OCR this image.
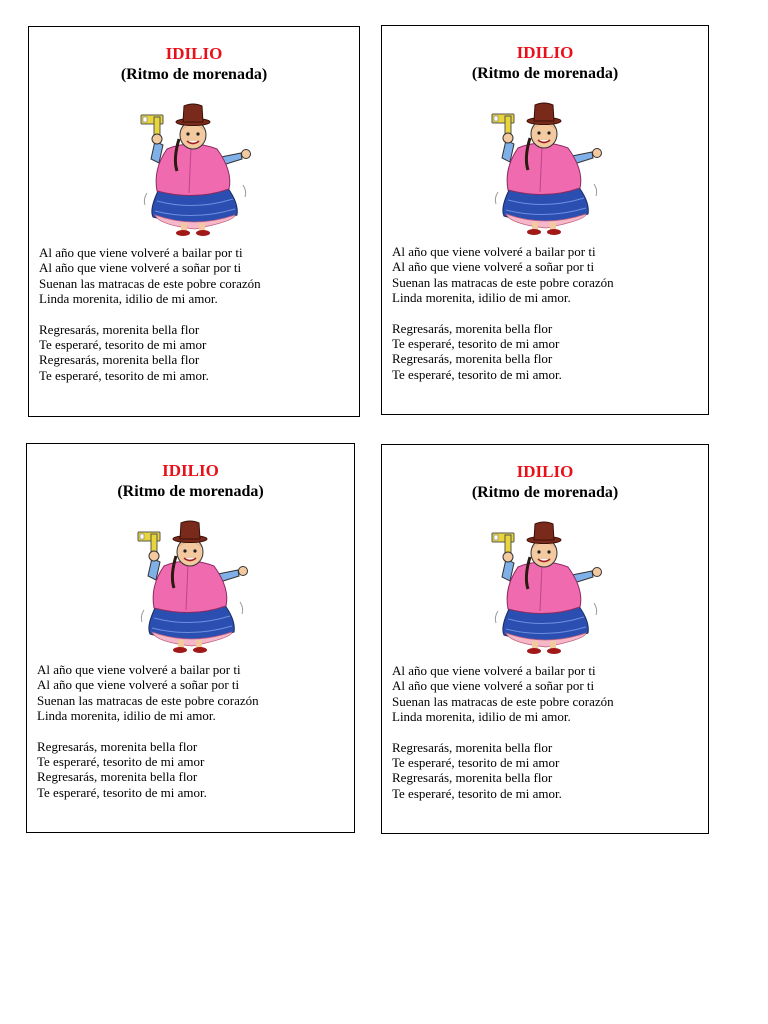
IDILIO
(Ritmo de morenada)
Al año que viene volveré a bailar por ti
Al año que viene volveré a soñar por ti
Suenan las matracas de este pobre corazón
Linda morenita, idilio de mi amor.
Regresarás, morenita bella flor
Te esperaré, tesorito de mi amor
Regresarás, morenita bella flor
Te esperaré, tesorito de mi amor.
IDILIO
(Ritmo de morenada)
Al año que viene volveré a bailar por ti
Al año que viene volveré a soñar por ti
Suenan las matracas de este pobre corazón
Linda morenita, idilio de mi amor.
Regresarás, morenita bella flor
Te esperaré, tesorito de mi amor
Regresarás, morenita bella flor
Te esperaré, tesorito de mi amor.
IDILIO
(Ritmo de morenada)
Al año que viene volveré a bailar por ti
Al año que viene volveré a soñar por ti
Suenan las matracas de este pobre corazón
Linda morenita, idilio de mi amor.
Regresarás, morenita bella flor
Te esperaré, tesorito de mi amor
Regresarás, morenita bella flor
Te esperaré, tesorito de mi amor.
IDILIO
(Ritmo de morenada)
Al año que viene volveré a bailar por ti
Al año que viene volveré a soñar por ti
Suenan las matracas de este pobre corazón
Linda morenita, idilio de mi amor.
Regresarás, morenita bella flor
Te esperaré, tesorito de mi amor
Regresarás, morenita bella flor
Te esperaré, tesorito de mi amor.
